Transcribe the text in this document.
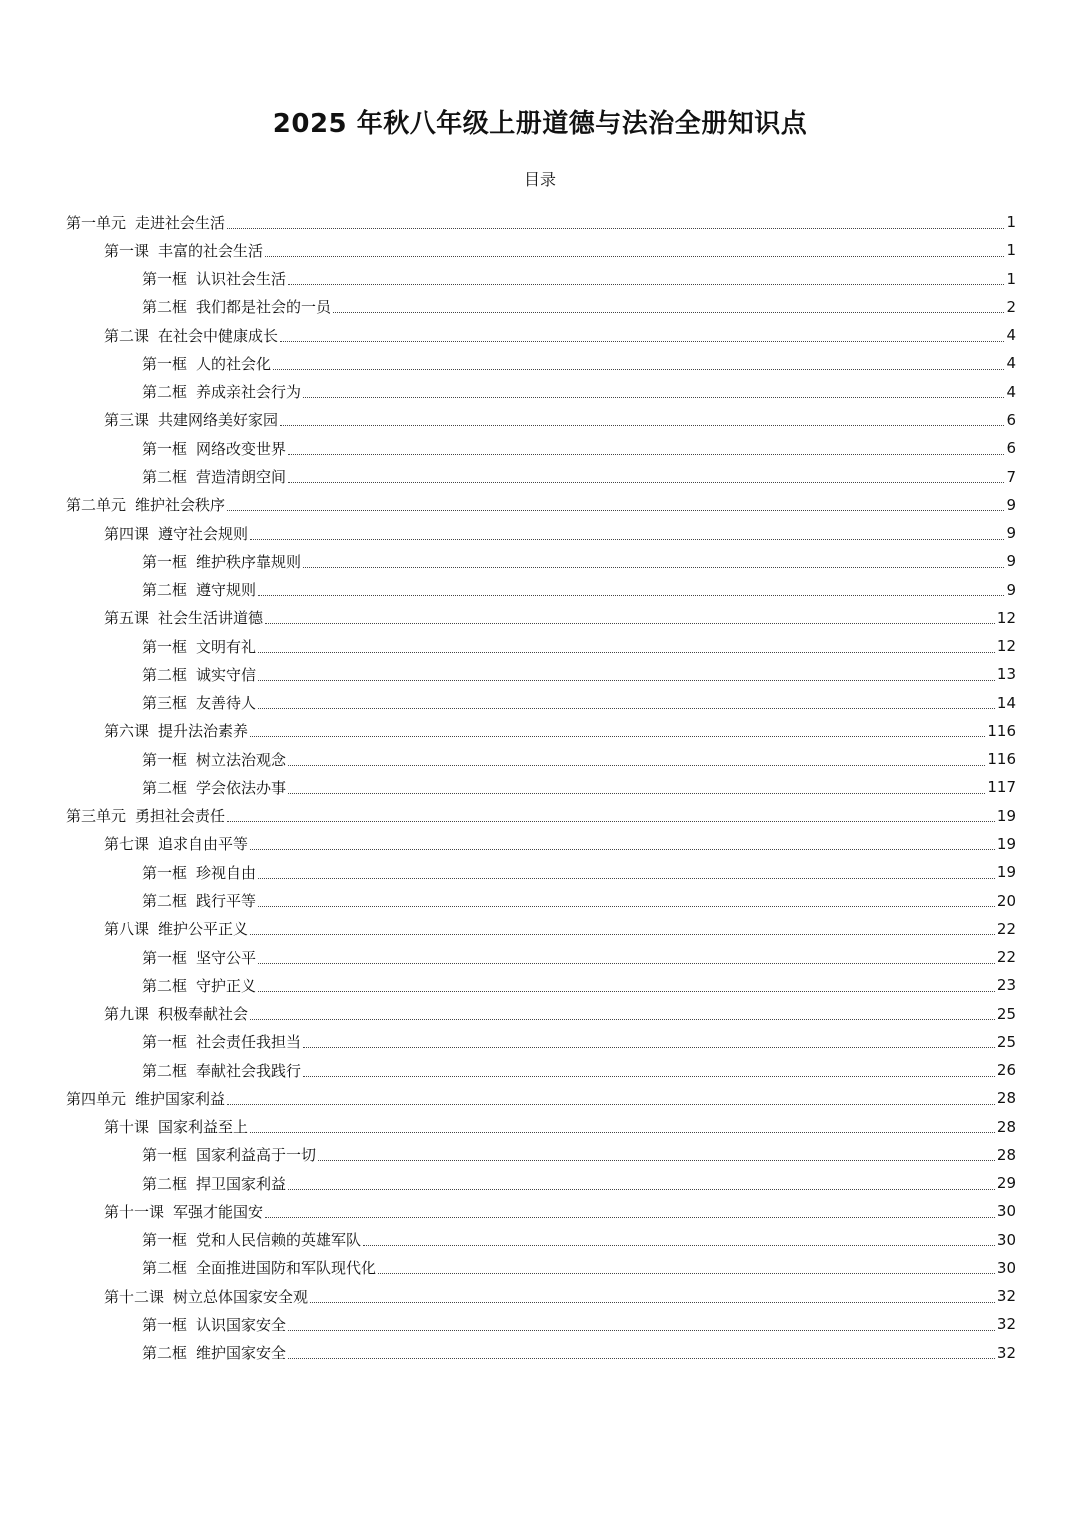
2025 年秋八年级上册道德与法治全册知识点
目录
第一单元 走进社会生活	1
第一课 丰富的社会生活	1
第一框 认识社会生活	1
第二框 我们都是社会的一员	2
第二课 在社会中健康成长	4
第一框 人的社会化	4
第二框 养成亲社会行为	4
第三课 共建网络美好家园	6
第一框 网络改变世界	6
第二框 营造清朗空间	7
第二单元 维护社会秩序	9
第四课 遵守社会规则	9
第一框 维护秩序靠规则	9
第二框 遵守规则	9
第五课 社会生活讲道德	12
第一框 文明有礼	12
第二框 诚实守信	13
第三框 友善待人	14
第六课 提升法治素养	116
第一框 树立法治观念	116
第二框 学会依法办事	117
第三单元 勇担社会责任	19
第七课 追求自由平等	19
第一框 珍视自由	19
第二框 践行平等	20
第八课 维护公平正义	22
第一框 坚守公平	22
第二框 守护正义	23
第九课 积极奉献社会	25
第一框 社会责任我担当	25
第二框 奉献社会我践行	26
第四单元 维护国家利益	28
第十课 国家利益至上	28
第一框 国家利益高于一切	28
第二框 捍卫国家利益	29
第十一课 军强才能国安	30
第一框 党和人民信赖的英雄军队	30
第二框 全面推进国防和军队现代化	30
第十二课 树立总体国家安全观	32
第一框 认识国家安全	32
第二框 维护国家安全	32
